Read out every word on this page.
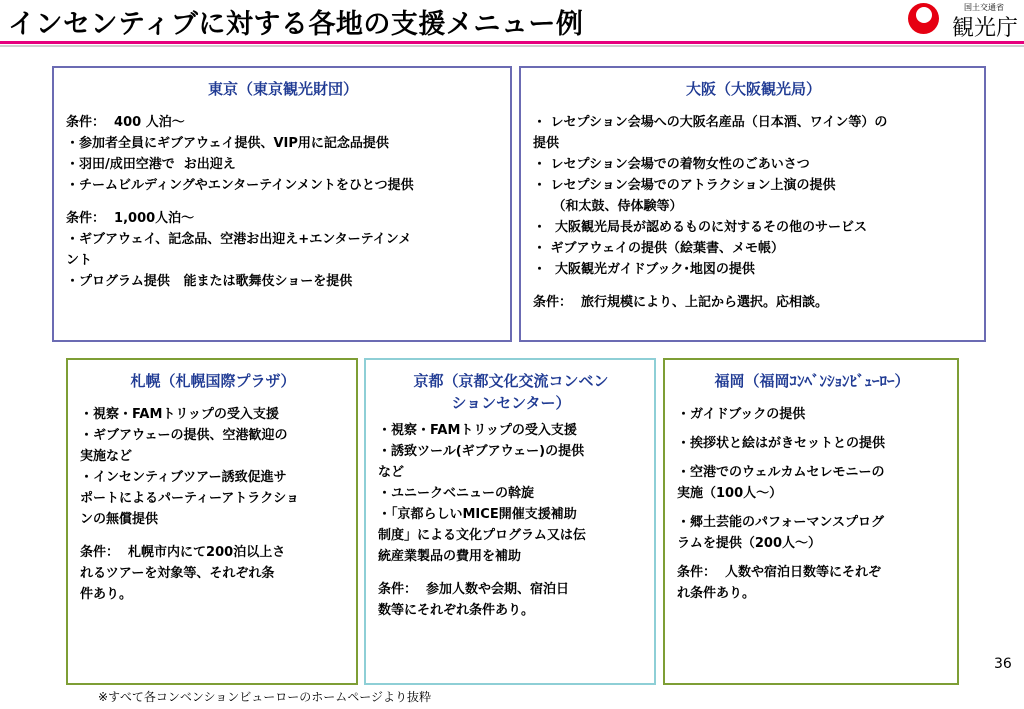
インセンティブに対する各地の支援メニュー例
国土交通省
観光庁
東京（東京観光財団）
条件：  400 人泊〜
・参加者全員にギブアウェイ提供、VIP用に記念品提供
・羽田/成田空港で  お出迎え
・チームビルディングやエンターテインメントをひとつ提供
条件：  1,000人泊〜
・ギブアウェイ、記念品、空港お出迎え+エンターテインメ
ント
・プログラム提供   能または歌舞伎ショーを提供
大阪（大阪観光局）
・ レセプション会場への大阪名産品（日本酒、ワイン等）の
提供
・ レセプション会場での着物女性のごあいさつ
・ レセプション会場でのアトラクション上演の提供
　　（和太鼓、侍体験等）
・  大阪観光局長が認めるものに対するその他のサービス
・ ギブアウェイの提供（絵葉書、メモ帳）
・  大阪観光ガイドブック･地図の提供
条件：  旅行規模により、上記から選択。応相談。
札幌（札幌国際プラザ）
・視察・FAMトリップの受入支援
・ギブアウェーの提供、空港歓迎の
実施など
・インセンティブツアー誘致促進サ
ポートによるパーティーアトラクショ
ンの無償提供
条件：  札幌市内にて200泊以上さ
れるツアーを対象等、それぞれ条
件あり。
京都（京都文化交流コンベン
ションセンター）
・視察・FAMトリップの受入支援
・誘致ツール(ギブアウェー)の提供
など
・ユニークベニューの斡旋
・「京都らしいMICE開催支援補助
制度」による文化プログラム又は伝
統産業製品の費用を補助
条件：  参加人数や会期、宿泊日
数等にそれぞれ条件あり。
福岡（福岡ｺﾝﾍﾞﾝｼｮﾝﾋﾞｭｰﾛｰ）
・ガイドブックの提供
・挨拶状と絵はがきセットとの提供
・空港でのウェルカムセレモニーの
実施（100人〜）
・郷土芸能のパフォーマンスプログ
ラムを提供（200人〜）
条件：  人数や宿泊日数等にそれぞ
れ条件あり。
36
※すべて各コンベンションビューローのホームページより抜粋
